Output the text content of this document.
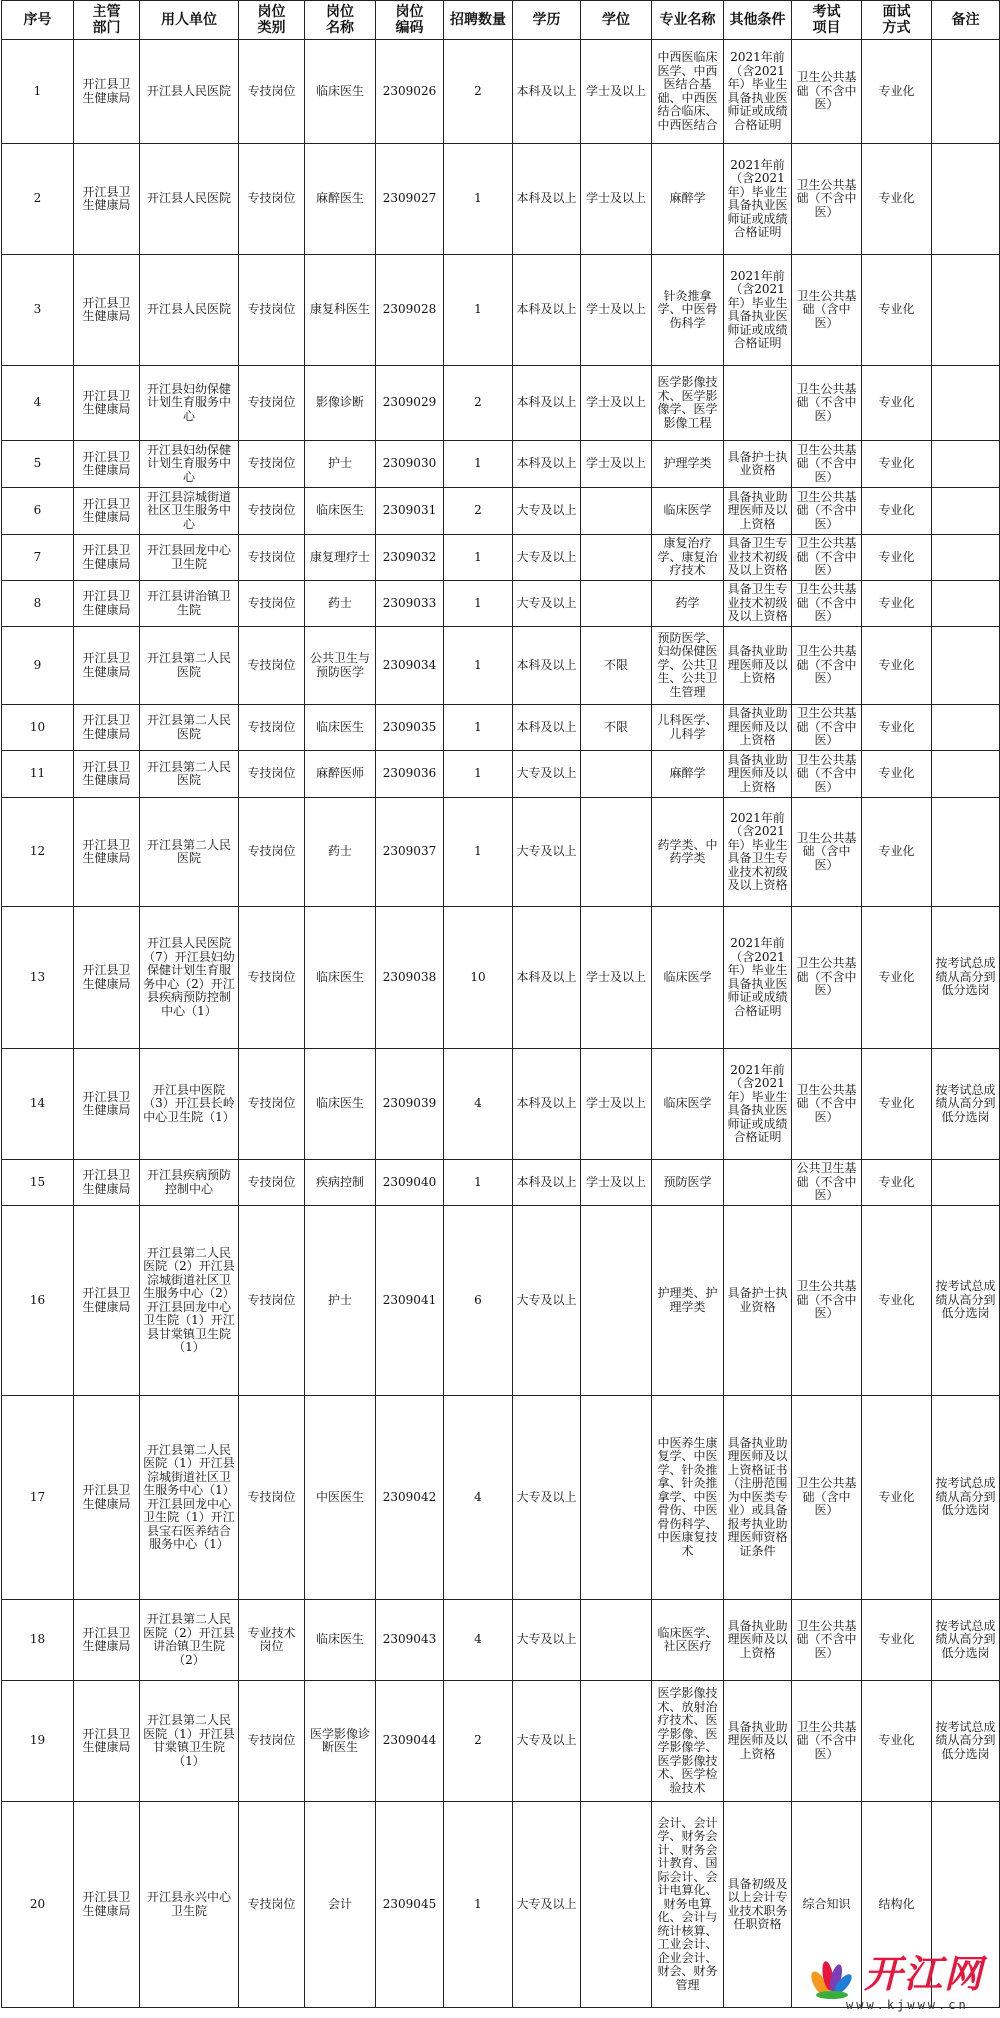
序号	主管部门	用人单位	岗位类别	岗位名称	岗位编码	招聘数量	学历	学位	专业名称	其他条件	考试项目	面试方式	备注
1	开江县卫生健康局	开江县人民医院	专技岗位	临床医生	2309026	2	本科及以上	学士及以上	中西医临床医学、中西医结合基础、中西医结合临床、中西医结合	2021年前（含2021年）毕业生具备执业医师证或成绩合格证明	卫生公共基础（不含中医）	专业化	
2	开江县卫生健康局	开江县人民医院	专技岗位	麻醉医生	2309027	1	本科及以上	学士及以上	麻醉学	2021年前（含2021年）毕业生具备执业医师证或成绩合格证明	卫生公共基础（不含中医）	专业化	
3	开江县卫生健康局	开江县人民医院	专技岗位	康复科医生	2309028	1	本科及以上	学士及以上	针灸推拿学、中医骨伤科学	2021年前（含2021年）毕业生具备执业医师证或成绩合格证明	卫生公共基础（含中医）	专业化	
4	开江县卫生健康局	开江县妇幼保健计划生育服务中心	专技岗位	影像诊断	2309029	2	本科及以上	学士及以上	医学影像技术、医学影像学、医学影像工程		卫生公共基础（不含中医）	专业化	
5	开江县卫生健康局	开江县妇幼保健计划生育服务中心	专技岗位	护士	2309030	1	本科及以上	学士及以上	护理学类	具备护士执业资格	卫生公共基础（不含中医）	专业化	
6	开江县卫生健康局	开江县淙城街道社区卫生服务中心	专技岗位	临床医生	2309031	2	大专及以上		临床医学	具备执业助理医师及以上资格	卫生公共基础（不含中医）	专业化	
7	开江县卫生健康局	开江县回龙中心卫生院	专技岗位	康复理疗士	2309032	1	大专及以上		康复治疗学、康复治疗技术	具备卫生专业技术初级及以上资格	卫生公共基础（不含中医）	专业化	
8	开江县卫生健康局	开江县讲治镇卫生院	专技岗位	药士	2309033	1	大专及以上		药学	具备卫生专业技术初级及以上资格	卫生公共基础（不含中医）	专业化	
9	开江县卫生健康局	开江县第二人民医院	专技岗位	公共卫生与预防医学	2309034	1	本科及以上	不限	预防医学、妇幼保健医学、公共卫生、公共卫生管理	具备执业助理医师及以上资格	卫生公共基础（不含中医）	专业化	
10	开江县卫生健康局	开江县第二人民医院	专技岗位	临床医生	2309035	1	本科及以上	不限	儿科医学、儿科学	具备执业助理医师及以上资格	卫生公共基础（不含中医）	专业化	
11	开江县卫生健康局	开江县第二人民医院	专技岗位	麻醉医师	2309036	1	大专及以上		麻醉学	具备执业助理医师及以上资格	卫生公共基础（不含中医）	专业化	
12	开江县卫生健康局	开江县第二人民医院	专技岗位	药士	2309037	1	大专及以上		药学类、中药学类	2021年前（含2021年）毕业生具备卫生专业技术初级及以上资格	卫生公共基础（含中医）	专业化	
13	开江县卫生健康局	开江县人民医院（7）开江县妇幼保健计划生育服务中心（2）开江县疾病预防控制中心（1）	专技岗位	临床医生	2309038	10	本科及以上	学士及以上	临床医学	2021年前（含2021年）毕业生具备执业医师证或成绩合格证明	卫生公共基础（不含中医）	专业化	按考试总成绩从高分到低分选岗
14	开江县卫生健康局	开江县中医院（3）开江县长岭中心卫生院（1）	专技岗位	临床医生	2309039	4	本科及以上	学士及以上	临床医学	2021年前（含2021年）毕业生具备执业医师证或成绩合格证明	卫生公共基础（不含中医）	专业化	按考试总成绩从高分到低分选岗
15	开江县卫生健康局	开江县疾病预防控制中心	专技岗位	疾病控制	2309040	1	本科及以上	学士及以上	预防医学		公共卫生基础（不含中医）	专业化	
16	开江县卫生健康局	开江县第二人民医院（2）开江县淙城街道社区卫生服务中心（2）开江县回龙中心卫生院（1）开江县甘棠镇卫生院（1）	专技岗位	护士	2309041	6	大专及以上		护理类、护理学类	具备护士执业资格	卫生公共基础（不含中医）	专业化	按考试总成绩从高分到低分选岗
17	开江县卫生健康局	开江县第二人民医院（1）开江县淙城街道社区卫生服务中心（1）开江县回龙中心卫生院（1）开江县宝石医养结合服务中心（1）	专技岗位	中医医生	2309042	4	大专及以上		中医养生康复学、中医学、针灸推拿、针灸推拿学、中医骨伤、中医骨伤科学、中医康复技术	具备执业助理医师及以上资格证书（注册范围为中医类专业）或具备报考执业助理医师资格证条件	卫生公共基础（含中医）	专业化	按考试总成绩从高分到低分选岗
18	开江县卫生健康局	开江县第二人民医院（2）开江县讲治镇卫生院（2）	专业技术岗位	临床医生	2309043	4	大专及以上		临床医学、社区医疗	具备执业助理医师及以上资格	卫生公共基础（不含中医）	专业化	按考试总成绩从高分到低分选岗
19	开江县卫生健康局	开江县第二人民医院（1）开江县甘棠镇卫生院（1）	专技岗位	医学影像诊断医生	2309044	2	大专及以上		医学影像技术、放射治疗技术、医学影像、医学影像学、医学影像技术、医学检验技术	具备执业助理医师及以上资格	卫生公共基础（不含中医）	专业化	按考试总成绩从高分到低分选岗
20	开江县卫生健康局	开江县永兴中心卫生院	专技岗位	会计	2309045	1	大专及以上		会计、会计学、财务会计、财务会计教育、国际会计、会计电算化、财务电算化、会计与统计核算、工业会计、企业会计、财会、财务管理	具备初级及以上会计专业技术职务任职资格	综合知识	结构化	
开江网
www.kjwww.cn
